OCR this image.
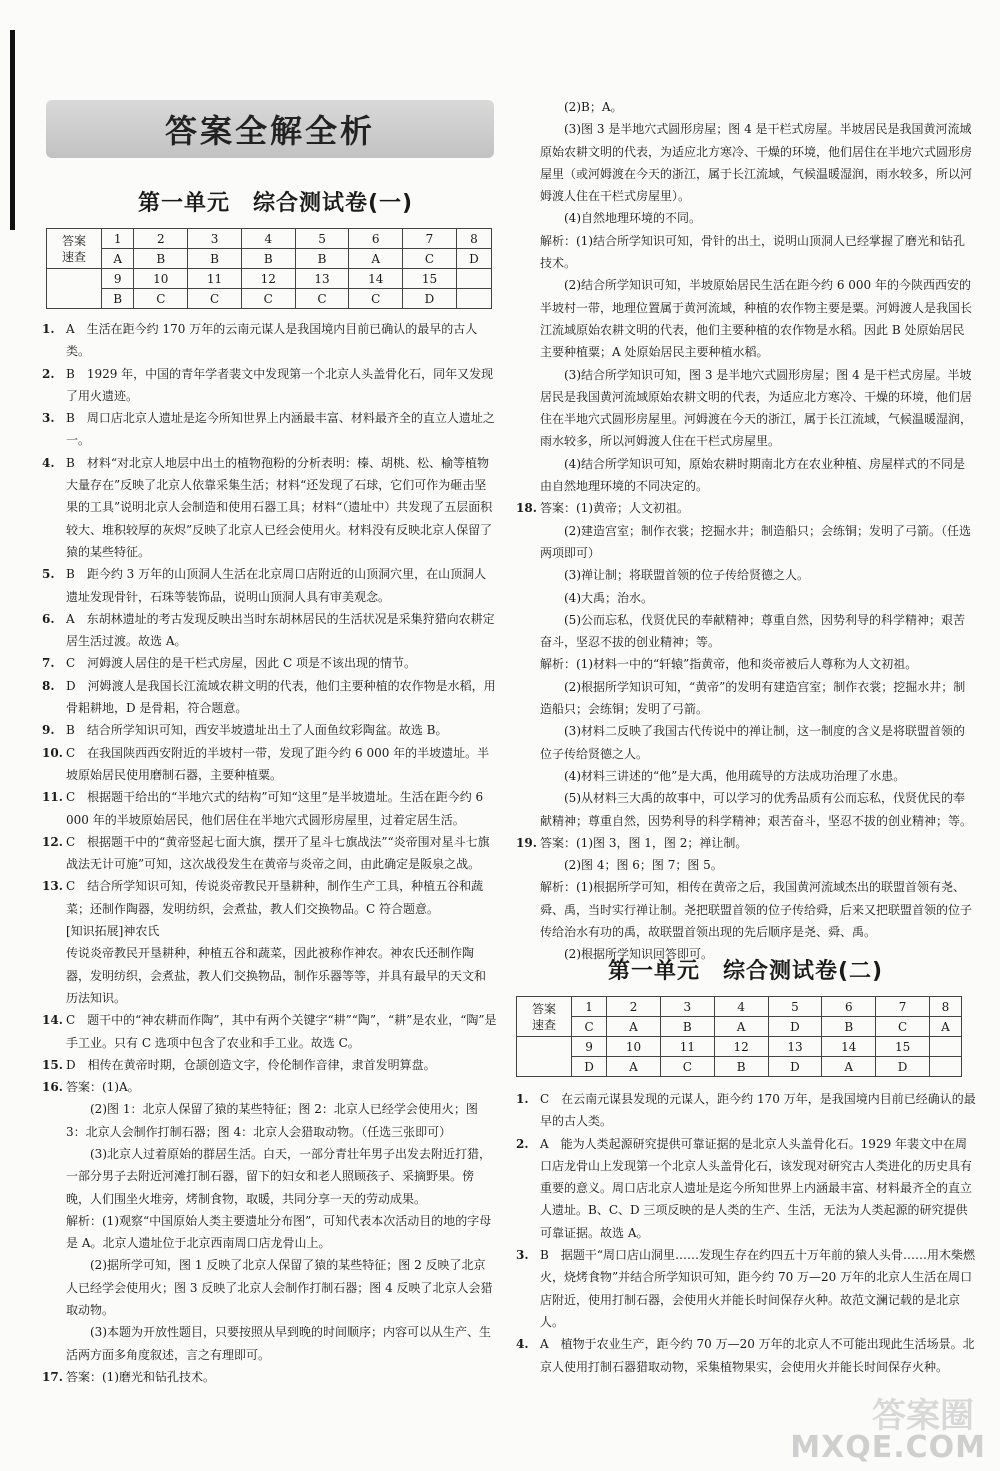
答案全解全析
第一单元　综合测试卷(一)
答案
速查	1	2	3	4	5	6	7	8
	A	B	B	B	B	A	C	D
	9	10	11	12	13	14	15	
	B	C	C	C	C	C	D	

1. A　生活在距今约 170 万年的云南元谋人是我国境内目前已确认的最早的古人类。

2. B　1929 年，中国的青年学者裴文中发现第一个北京人头盖骨化石，同年又发现了用火遗迹。

3. B　周口店北京人遗址是迄今所知世界上内涵最丰富、材料最齐全的直立人遗址之一。

4. B　材料“对北京人地层中出土的植物孢粉的分析表明：榛、胡桃、松、榆等植物大量存在”反映了北京人依靠采集生活；材料“还发现了石球，它们可作为砸击坚果的工具”说明北京人会制造和使用石器工具；材料“（遗址中）共发现了五层面积较大、堆积较厚的灰烬”反映了北京人已经会使用火。材料没有反映北京人保留了猿的某些特征。

5. B　距今约 3 万年的山顶洞人生活在北京周口店附近的山顶洞穴里，在山顶洞人遗址发现骨针，石珠等装饰品，说明山顶洞人具有审美观念。

6. A　东胡林遗址的考古发现反映出当时东胡林居民的生活状况是采集狩猎向农耕定居生活过渡。故选 A。

7. C　河姆渡人居住的是干栏式房屋，因此 C 项是不该出现的情节。

8. D　河姆渡人是我国长江流域农耕文明的代表，他们主要种植的农作物是水稻，用骨耜耕地，D 是骨耜，符合题意。

9. B　结合所学知识可知，西安半坡遗址出土了人面鱼纹彩陶盆。故选 B。

10. C　在我国陕西西安附近的半坡村一带，发现了距今约 6 000 年的半坡遗址。半坡原始居民使用磨制石器，主要种植粟。

11. C　根据题干给出的“半地穴式的结构”可知“这里”是半坡遗址。生活在距今约 6 000 年的半坡原始居民，他们居住在半地穴式圆形房屋里，过着定居生活。

12. C　根据题干中的“黄帝竖起七面大旗，摆开了星斗七旗战法”“炎帝围对星斗七旗战法无计可施”可知，这次战役发生在黄帝与炎帝之间，由此确定是阪泉之战。

13. C　结合所学知识可知，传说炎帝教民开垦耕种，制作生产工具，种植五谷和蔬菜；还制作陶器，发明纺织，会煮盐，教人们交换物品。C 符合题意。

[知识拓展]神农氏

传说炎帝教民开垦耕种，种植五谷和蔬菜，因此被称作神农。神农氏还制作陶器，发明纺织，会煮盐，教人们交换物品，制作乐器等等，并具有最早的天文和历法知识。

14. C　题干中的“神农耕而作陶”，其中有两个关键字“耕”“陶”，“耕”是农业，“陶”是手工业。只有 C 选项中包含了农业和手工业。故选 C。

15. D　相传在黄帝时期，仓颉创造文字，伶伦制作音律，隶首发明算盘。

16. 答案：(1)A。

(2)图 1：北京人保留了猿的某些特征；图 2：北京人已经学会使用火；图 3：北京人会制作打制石器；图 4：北京人会猎取动物。（任选三张即可）

(3)北京人过着原始的群居生活。白天，一部分青壮年男子出发去附近打猎，一部分男子去附近河滩打制石器，留下的妇女和老人照顾孩子、采摘野果。傍晚，人们围坐火堆旁，烤制食物，取暖，共同分享一天的劳动成果。

解析：(1)观察“中国原始人类主要遗址分布图”，可知代表本次活动目的地的字母是 A。北京人遗址位于北京西南周口店龙骨山上。

(2)据所学可知，图 1 反映了北京人保留了猿的某些特征；图 2 反映了北京人已经学会使用火；图 3 反映了北京人会制作打制石器；图 4 反映了北京人会猎取动物。

(3)本题为开放性题目，只要按照从早到晚的时间顺序；内容可以从生产、生活两方面多角度叙述，言之有理即可。

17. 答案：(1)磨光和钻孔技术。

(2)B；A。

(3)图 3 是半地穴式圆形房屋；图 4 是干栏式房屋。半坡居民是我国黄河流域原始农耕文明的代表，为适应北方寒冷、干燥的环境，他们居住在半地穴式圆形房屋里（或河姆渡在今天的浙江，属于长江流域，气候温暖湿润，雨水较多，所以河姆渡人住在干栏式房屋里）。

(4)自然地理环境的不同。

解析：(1)结合所学知识可知，骨针的出土，说明山顶洞人已经掌握了磨光和钻孔技术。

(2)结合所学知识可知，半坡原始居民生活在距今约 6 000 年的今陕西西安的半坡村一带，地理位置属于黄河流域，种植的农作物主要是粟。河姆渡人是我国长江流域原始农耕文明的代表，他们主要种植的农作物是水稻。因此 B 处原始居民主要种植粟；A 处原始居民主要种植水稻。

(3)结合所学知识可知，图 3 是半地穴式圆形房屋；图 4 是干栏式房屋。半坡居民是我国黄河流域原始农耕文明的代表，为适应北方寒冷、干燥的环境，他们居住在半地穴式圆形房屋里。河姆渡在今天的浙江，属于长江流域，气候温暖湿润，雨水较多，所以河姆渡人住在干栏式房屋里。

(4)结合所学知识可知，原始农耕时期南北方在农业种植、房屋样式的不同是由自然地理环境的不同决定的。

18. 答案：(1)黄帝；人文初祖。

(2)建造宫室；制作衣裳；挖掘水井；制造船只；会练铜；发明了弓箭。（任选两项即可）

(3)禅让制；将联盟首领的位子传给贤德之人。

(4)大禹；治水。

(5)公而忘私，伐贤优民的奉献精神；尊重自然，因势利导的科学精神；艰苦奋斗，坚忍不拔的创业精神；等。

解析：(1)材料一中的“轩辕”指黄帝，他和炎帝被后人尊称为人文初祖。

(2)根据所学知识可知，“黄帝”的发明有建造宫室；制作衣裳；挖掘水井；制造船只；会练铜；发明了弓箭。

(3)材料二反映了我国古代传说中的禅让制，这一制度的含义是将联盟首领的位子传给贤德之人。

(4)材料三讲述的“他”是大禹，他用疏导的方法成功治理了水患。

(5)从材料三大禹的故事中，可以学习的优秀品质有公而忘私，伐贤优民的奉献精神；尊重自然，因势利导的科学精神；艰苦奋斗，坚忍不拔的创业精神；等。

19. 答案：(1)图 3，图 1，图 2；禅让制。

(2)图 4；图 6；图 7；图 5。

解析：(1)根据所学可知，相传在黄帝之后，我国黄河流域杰出的联盟首领有尧、舜、禹，当时实行禅让制。尧把联盟首领的位子传给舜，后来又把联盟首领的位子传给治水有功的禹，故联盟首领出现的先后顺序是尧、舜、禹。

(2)根据所学知识回答即可。

第一单元　综合测试卷(二)
答案
速查	1	2	3	4	5	6	7	8
	C	A	B	A	D	B	C	A
	9	10	11	12	13	14	15	
	D	A	C	B	D	A	D	

1. C　在云南元谋县发现的元谋人，距今约 170 万年，是我国境内目前已经确认的最早的古人类。

2. A　能为人类起源研究提供可靠证据的是北京人头盖骨化石。1929 年裴文中在周口店龙骨山上发现第一个北京人头盖骨化石，该发现对研究古人类进化的历史具有重要的意义。周口店北京人遗址是迄今所知世界上内涵最丰富、材料最齐全的直立人遗址。B、C、D 三项反映的是人类的生产、生活，无法为人类起源的研究提供可靠证据。故选 A。

3. B　据题干“周口店山洞里……发现生存在约四五十万年前的猿人头骨……用木柴燃火，烧烤食物”并结合所学知识可知，距今约 70 万—20 万年的北京人生活在周口店附近，使用打制石器，会使用火并能长时间保存火种。故范文澜记载的是北京人。

4. A　植物于农业生产，距今约 70 万—20 万年的北京人不可能出现此生活场景。北京人使用打制石器猎取动物，采集植物果实，会使用火并能长时间保存火种。

答案圈
MXQE.COM
